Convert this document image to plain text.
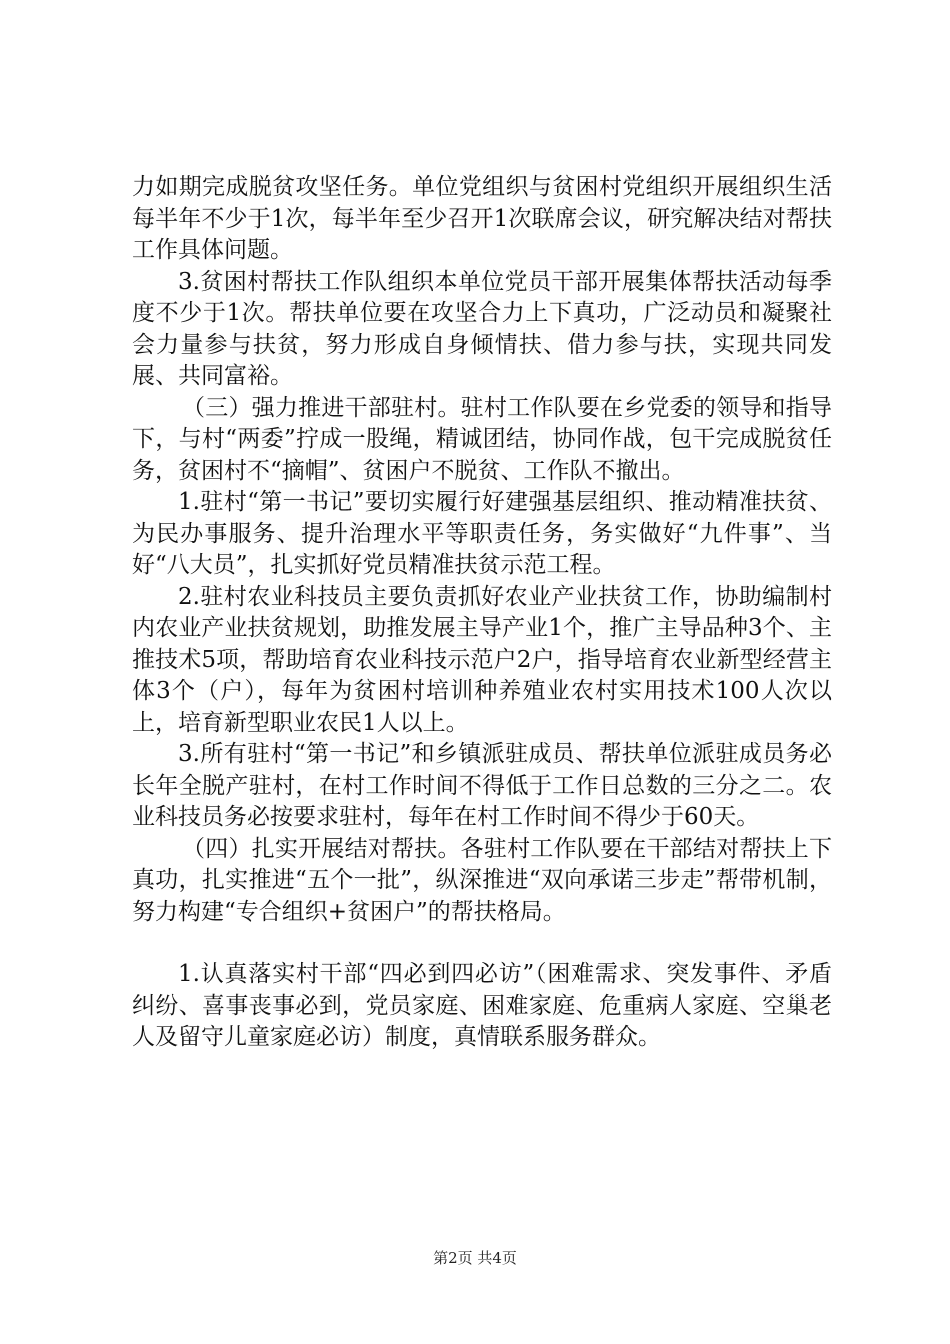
力如期完成脱贫攻坚任务。单位党组织与贫困村党组织开展组织生活每半年不少于1次，每半年至少召开1次联席会议，研究解决结对帮扶工作具体问题。

3.贫困村帮扶工作队组织本单位党员干部开展集体帮扶活动每季度不少于1次。帮扶单位要在攻坚合力上下真功，广泛动员和凝聚社会力量参与扶贫，努力形成自身倾情扶、借力参与扶，实现共同发展、共同富裕。

（三）强力推进干部驻村。驻村工作队要在乡党委的领导和指导下，与村“两委”拧成一股绳，精诚团结，协同作战，包干完成脱贫任务，贫困村不“摘帽”、贫困户不脱贫、工作队不撤出。

1.驻村“第一书记”要切实履行好建强基层组织、推动精准扶贫、为民办事服务、提升治理水平等职责任务，务实做好“九件事”、当好“八大员”，扎实抓好党员精准扶贫示范工程。

2.驻村农业科技员主要负责抓好农业产业扶贫工作，协助编制村内农业产业扶贫规划，助推发展主导产业1个，推广主导品种3个、主推技术5项，帮助培育农业科技示范户2户，指导培育农业新型经营主体3个（户），每年为贫困村培训种养殖业农村实用技术100人次以上，培育新型职业农民1人以上。

3.所有驻村“第一书记”和乡镇派驻成员、帮扶单位派驻成员务必长年全脱产驻村，在村工作时间不得低于工作日总数的三分之二。农业科技员务必按要求驻村，每年在村工作时间不得少于60天。

（四）扎实开展结对帮扶。各驻村工作队要在干部结对帮扶上下真功，扎实推进“五个一批”，纵深推进“双向承诺三步走”帮带机制，努力构建“专合组织+贫困户”的帮扶格局。

1.认真落实村干部“四必到四必访”（困难需求、突发事件、矛盾纠纷、喜事丧事必到，党员家庭、困难家庭、危重病人家庭、空巢老人及留守儿童家庭必访）制度，真情联系服务群众。

第2页 共4页
